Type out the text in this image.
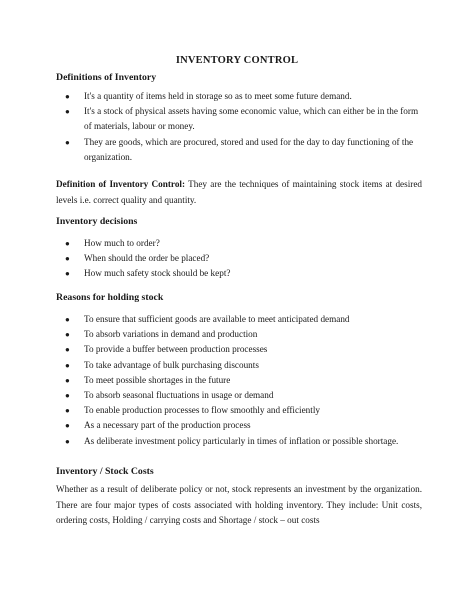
INVENTORY CONTROL
Definitions of Inventory
● It's a quantity of items held in storage so as to meet some future demand.
● It's a stock of physical assets having some economic value, which can either be in the form of materials, labour or money.
● They are goods, which are procured, stored and used for the day to day functioning of the organization.
Definition of Inventory Control: They are the techniques of maintaining stock items at desired levels i.e. correct quality and quantity.
Inventory decisions
● How much to order?
● When should the order be placed?
● How much safety stock should be kept?
Reasons for holding stock
● To ensure that sufficient goods are available to meet anticipated demand
● To absorb variations in demand and production
● To provide a buffer between production processes
● To take advantage of bulk purchasing discounts
● To meet possible shortages in the future
● To absorb seasonal fluctuations in usage or demand
● To enable production processes to flow smoothly and efficiently
● As a necessary part of the production process
● As deliberate investment policy particularly in times of inflation or possible shortage.
Inventory / Stock Costs
Whether as a result of deliberate policy or not, stock represents an investment by the organization. There are four major types of costs associated with holding inventory. They include: Unit costs, ordering costs, Holding / carrying costs and Shortage / stock – out costs
